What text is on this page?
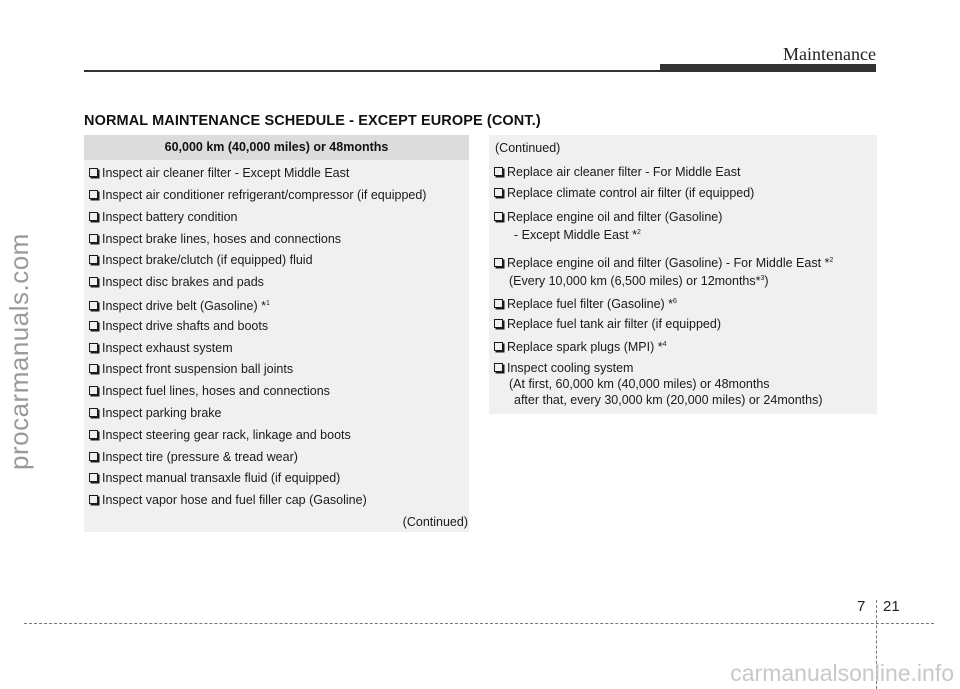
Maintenance
NORMAL MAINTENANCE SCHEDULE - EXCEPT EUROPE (CONT.)
60,000 km (40,000 miles) or 48months
Inspect air cleaner filter - Except Middle East
Inspect air conditioner refrigerant/compressor (if equipped)
Inspect battery condition
Inspect brake lines, hoses and connections
Inspect brake/clutch (if equipped) fluid
Inspect disc brakes and pads
Inspect drive belt (Gasoline) *$^1$
Inspect drive shafts and boots
Inspect exhaust system
Inspect front suspension ball joints
Inspect fuel lines, hoses and connections
Inspect parking brake
Inspect steering gear rack, linkage and boots
Inspect tire (pressure & tread wear)
Inspect manual transaxle fluid (if equipped)
Inspect vapor hose and fuel filler cap (Gasoline)
(Continued)
(Continued)
Replace air cleaner filter - For Middle East
Replace climate control air filter (if equipped)
Replace engine oil and filter (Gasoline)
- Except Middle East *$^2$
Replace engine oil and filter (Gasoline) - For Middle East *$^2$
(Every 10,000 km (6,500 miles) or 12months*$^3$)
Replace fuel filter (Gasoline) *$^6$
Replace fuel tank air filter (if equipped)
Replace spark plugs (MPI) *$^4$
Inspect cooling system
(At first, 60,000 km (40,000 miles) or 48months
after that, every 30,000 km (20,000 miles) or 24months)
7 21
procarmanuals.com
carmanualsonline.info
